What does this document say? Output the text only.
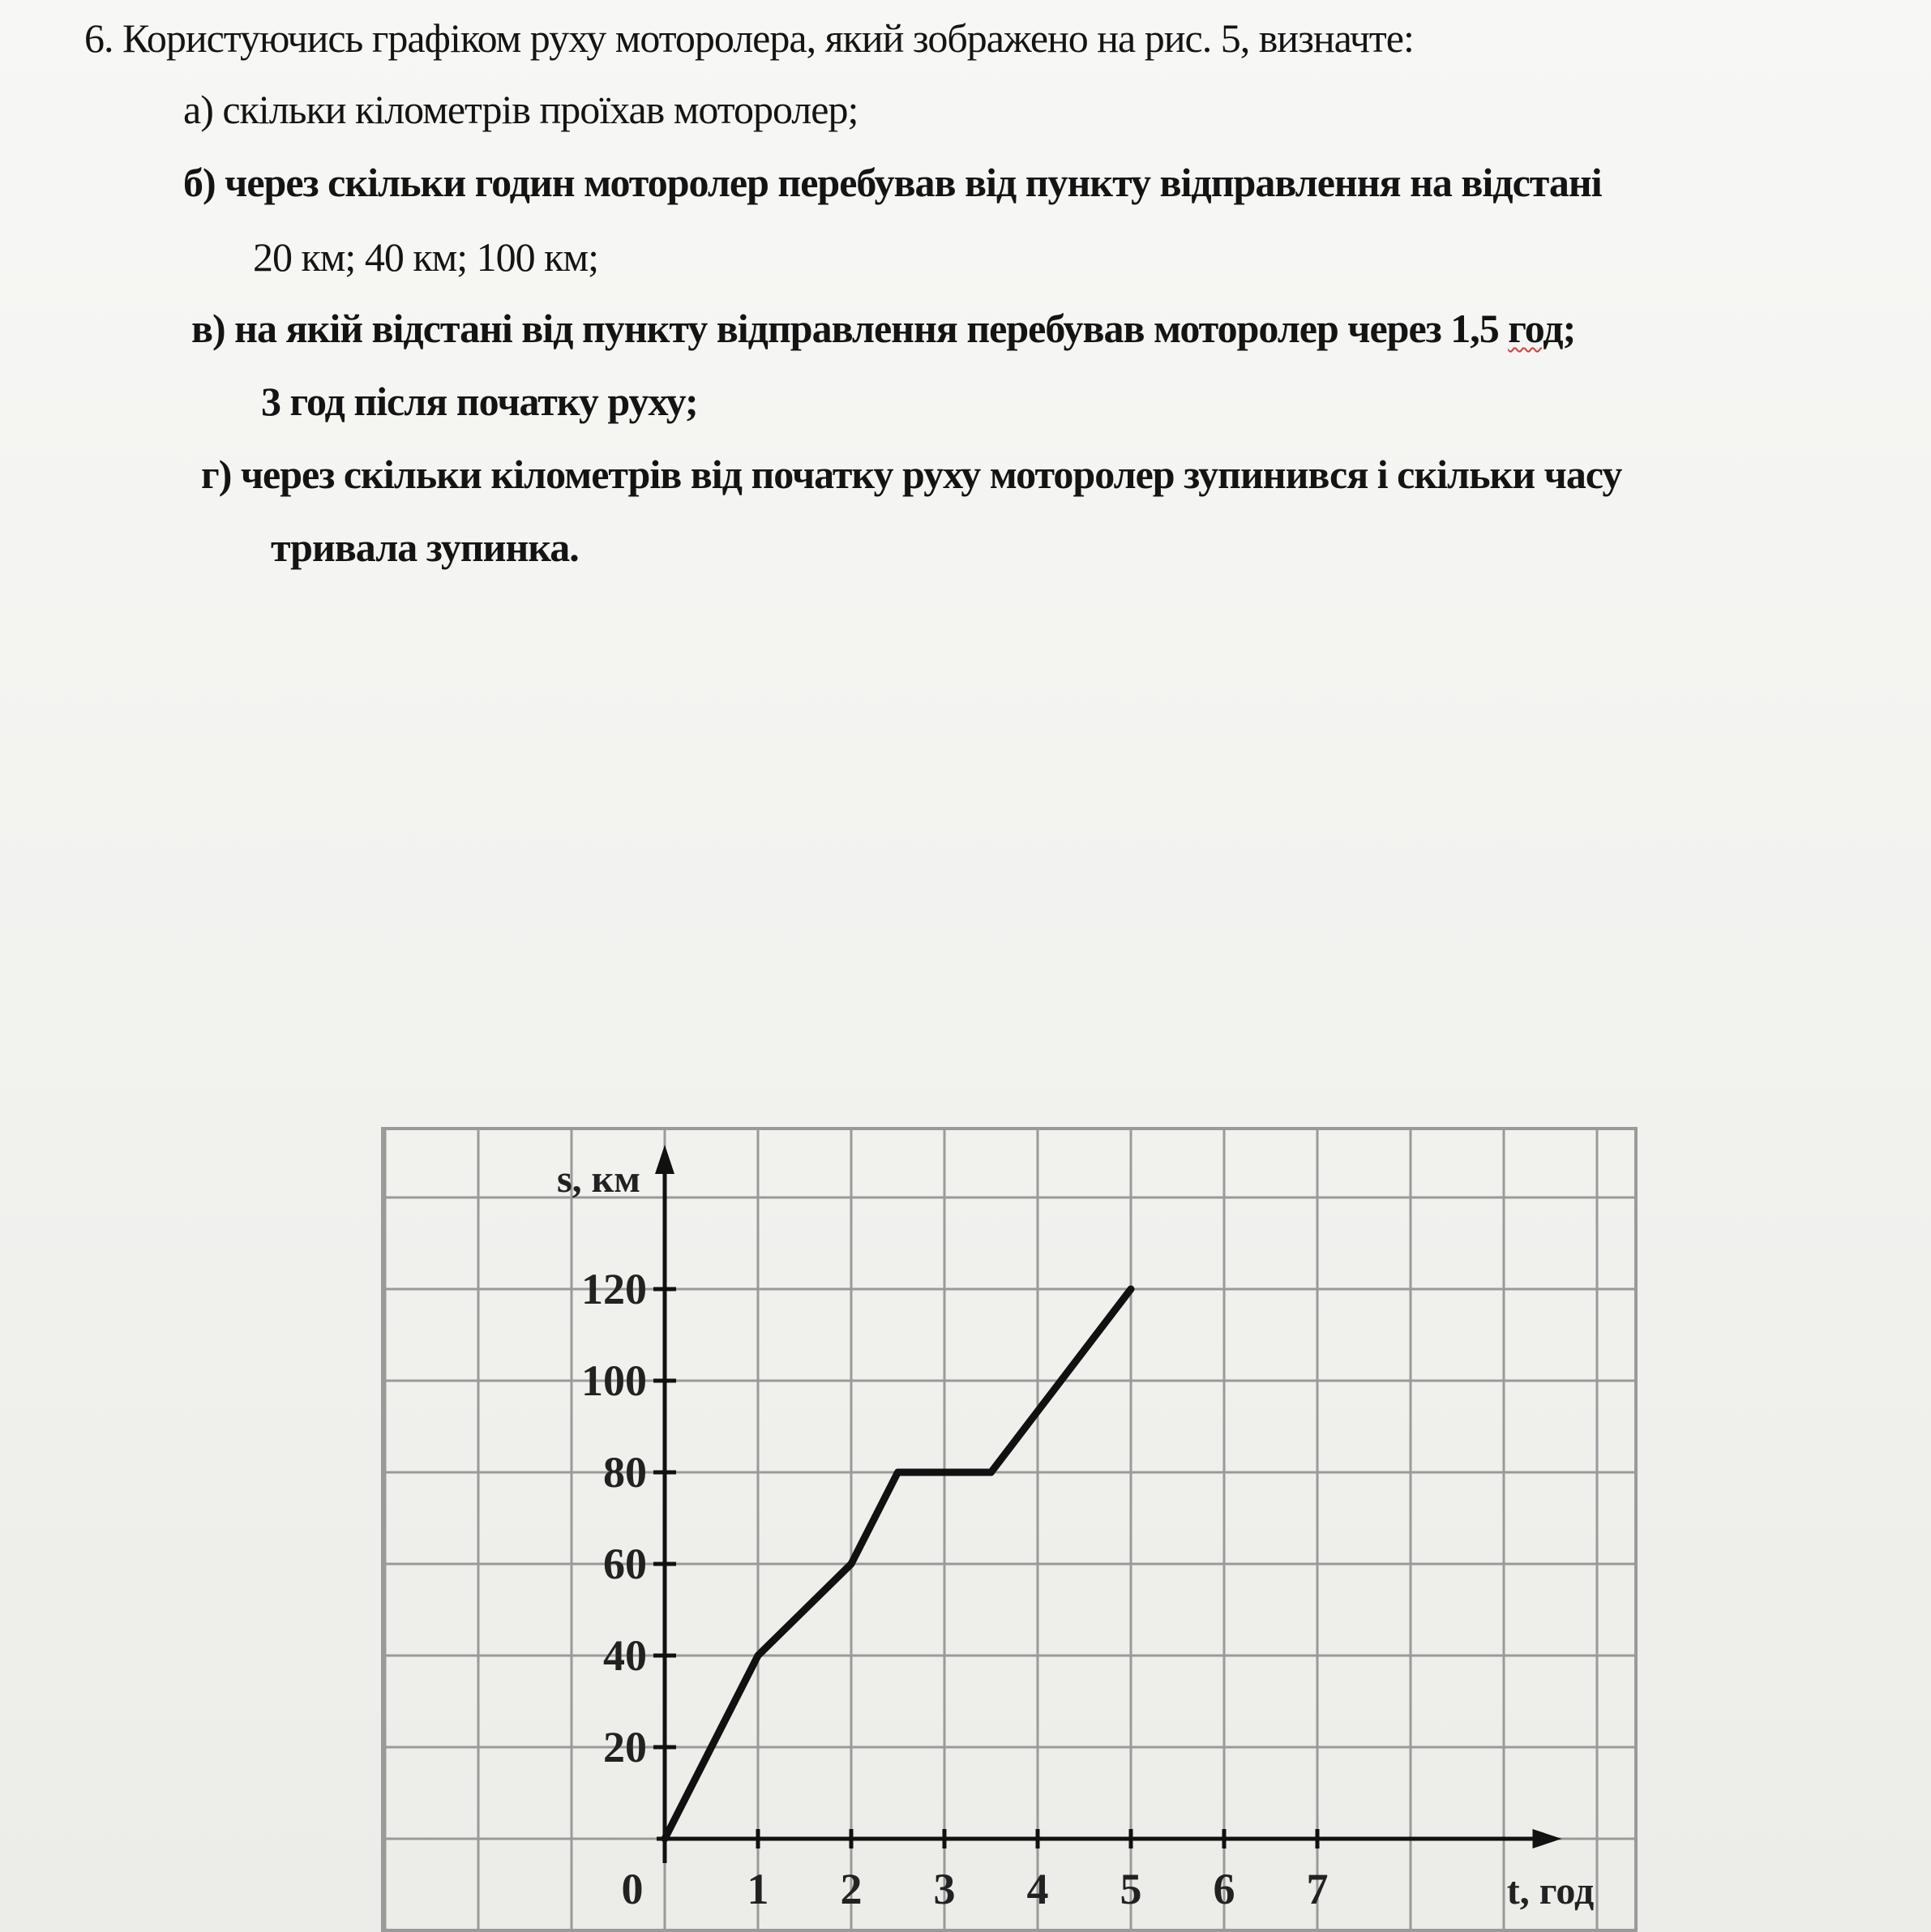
6. Користуючись графіком руху моторолера, який зображено на рис. 5, визначте:
а) скільки кілометрів проїхав моторолер;
б) через скільки годин моторолер перебував від пункту відправлення на відстані
20 км; 40 км; 100 км;
в) на якій відстані від пункту відправлення перебував моторолер через 1,5 год;
3 год після початку руху;
г) через скільки кілометрів від початку руху моторолер зупинився і скільки часу
тривала зупинка.
20
40
60
80
100
120
1 2 3 4 5 6 7
s, км
t, год
0
